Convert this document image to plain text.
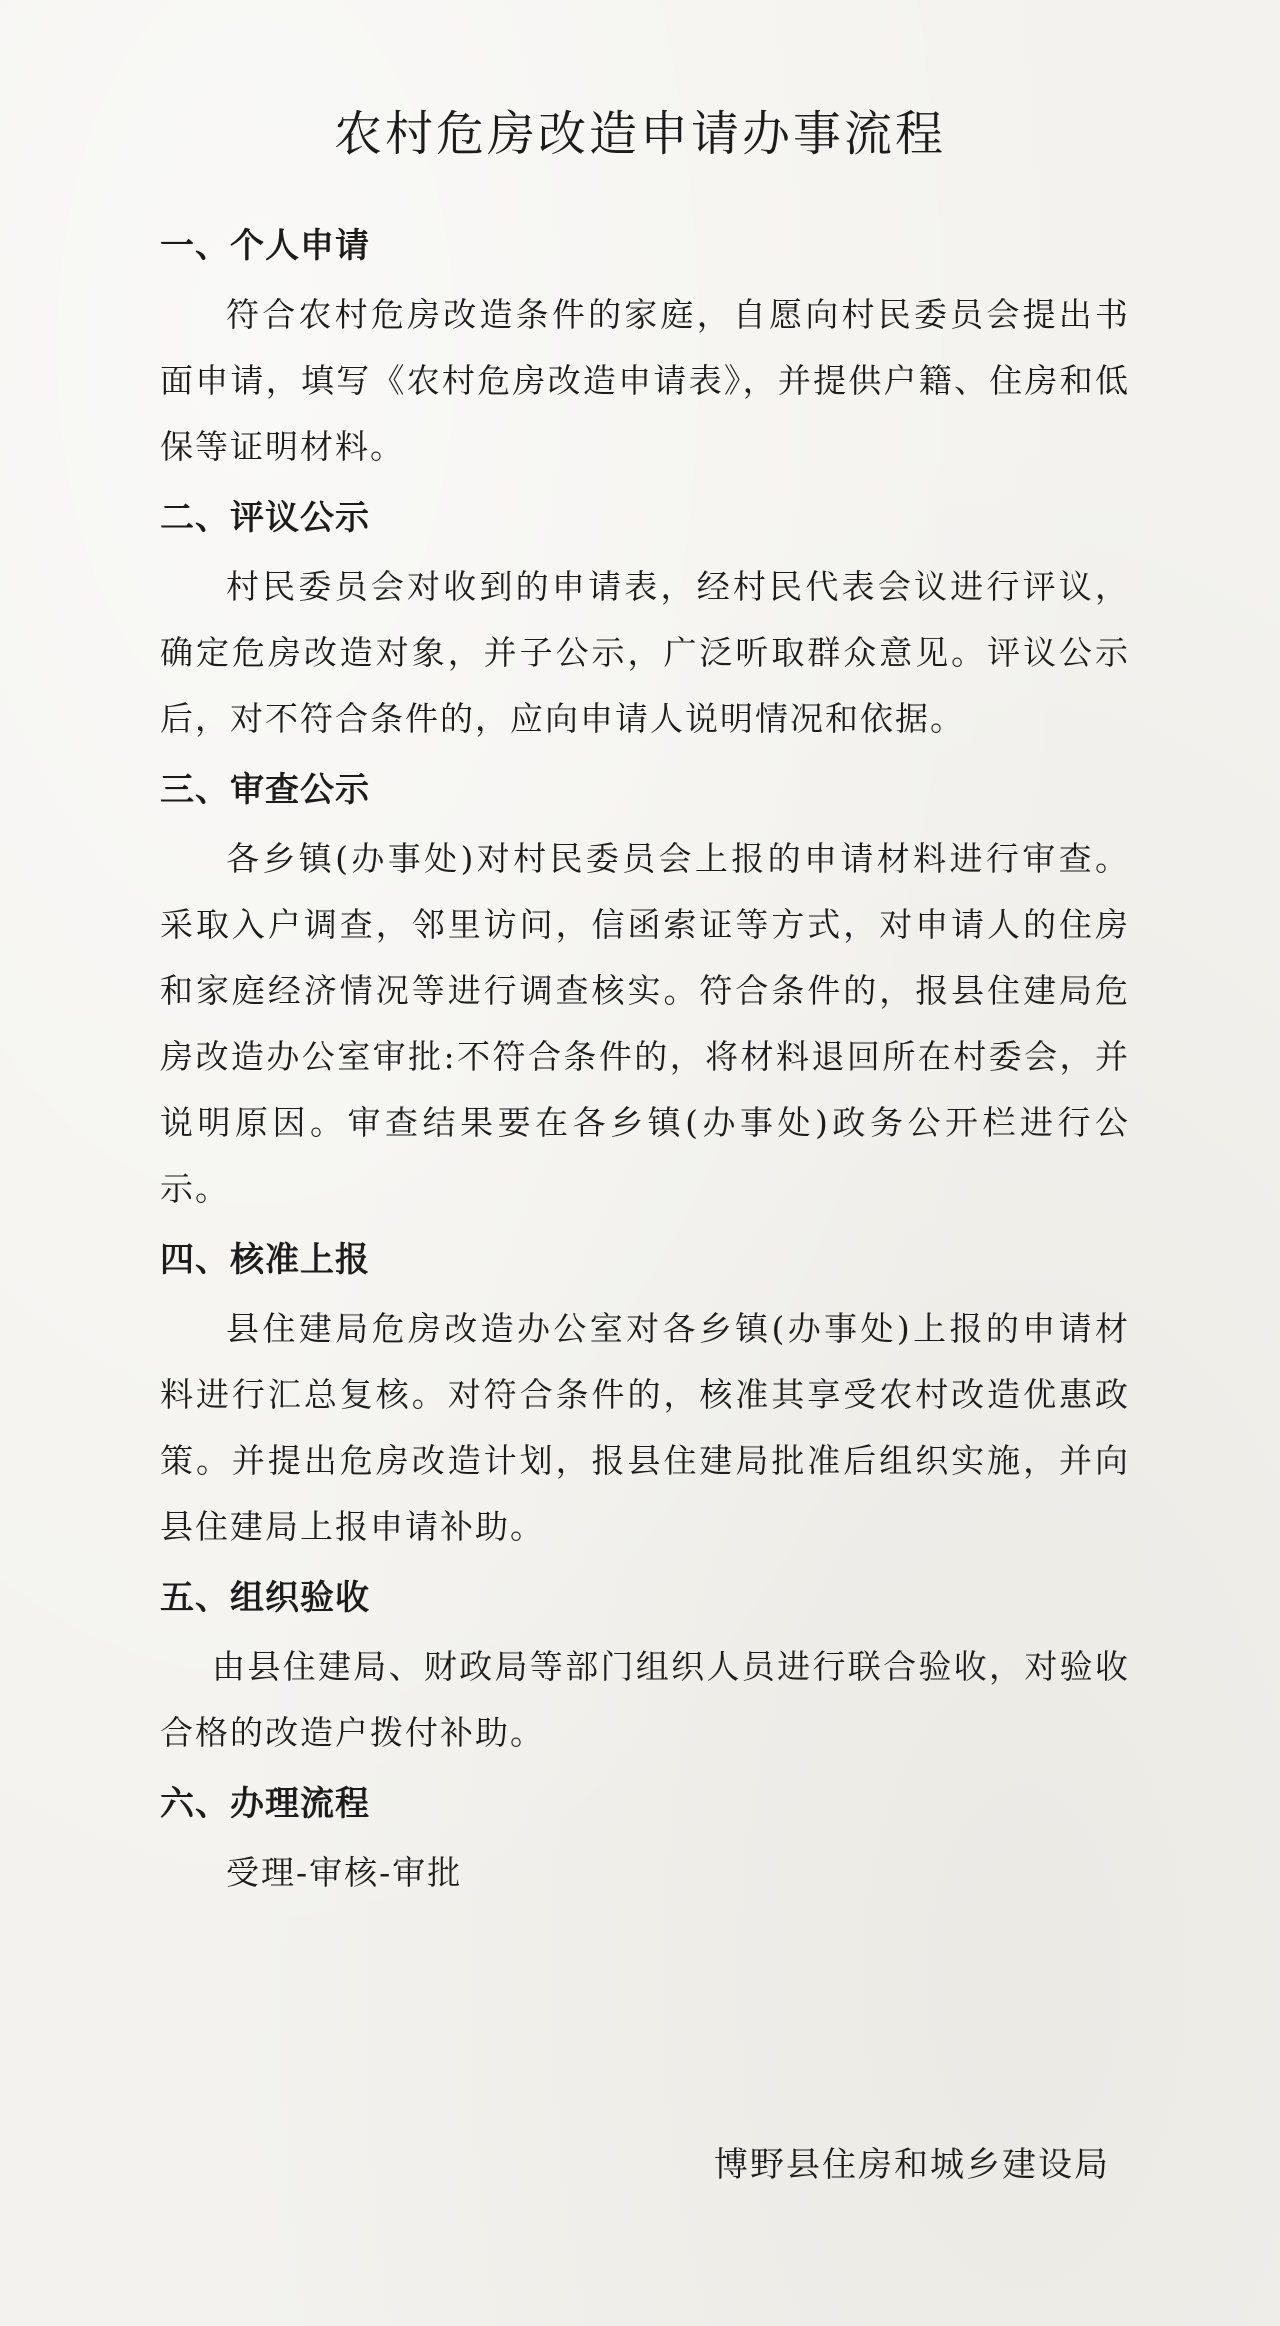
农村危房改造申请办事流程
一、个人申请

符合农村危房改造条件的家庭，自愿向村民委员会提出书面申请，填写《农村危房改造申请表》，并提供户籍、住房和低保等证明材料。

二、评议公示

村民委员会对收到的申请表，经村民代表会议进行评议，确定危房改造对象，并子公示，广泛听取群众意见。评议公示后，对不符合条件的，应向申请人说明情况和依据。

三、审查公示

各乡镇(办事处)对村民委员会上报的申请材料进行审查。采取入户调查，邻里访问，信函索证等方式，对申请人的住房和家庭经济情况等进行调查核实。符合条件的，报县住建局危房改造办公室审批:不符合条件的，将材料退回所在村委会，并说明原因。审查结果要在各乡镇(办事处)政务公开栏进行公示。

四、核准上报

县住建局危房改造办公室对各乡镇(办事处)上报的申请材料进行汇总复核。对符合条件的，核准其享受农村改造优惠政策。并提出危房改造计划，报县住建局批准后组织实施，并向县住建局上报申请补助。

五、组织验收

由县住建局、财政局等部门组织人员进行联合验收，对验收合格的改造户拨付补助。

六、办理流程

受理-审核-审批

博野县住房和城乡建设局
